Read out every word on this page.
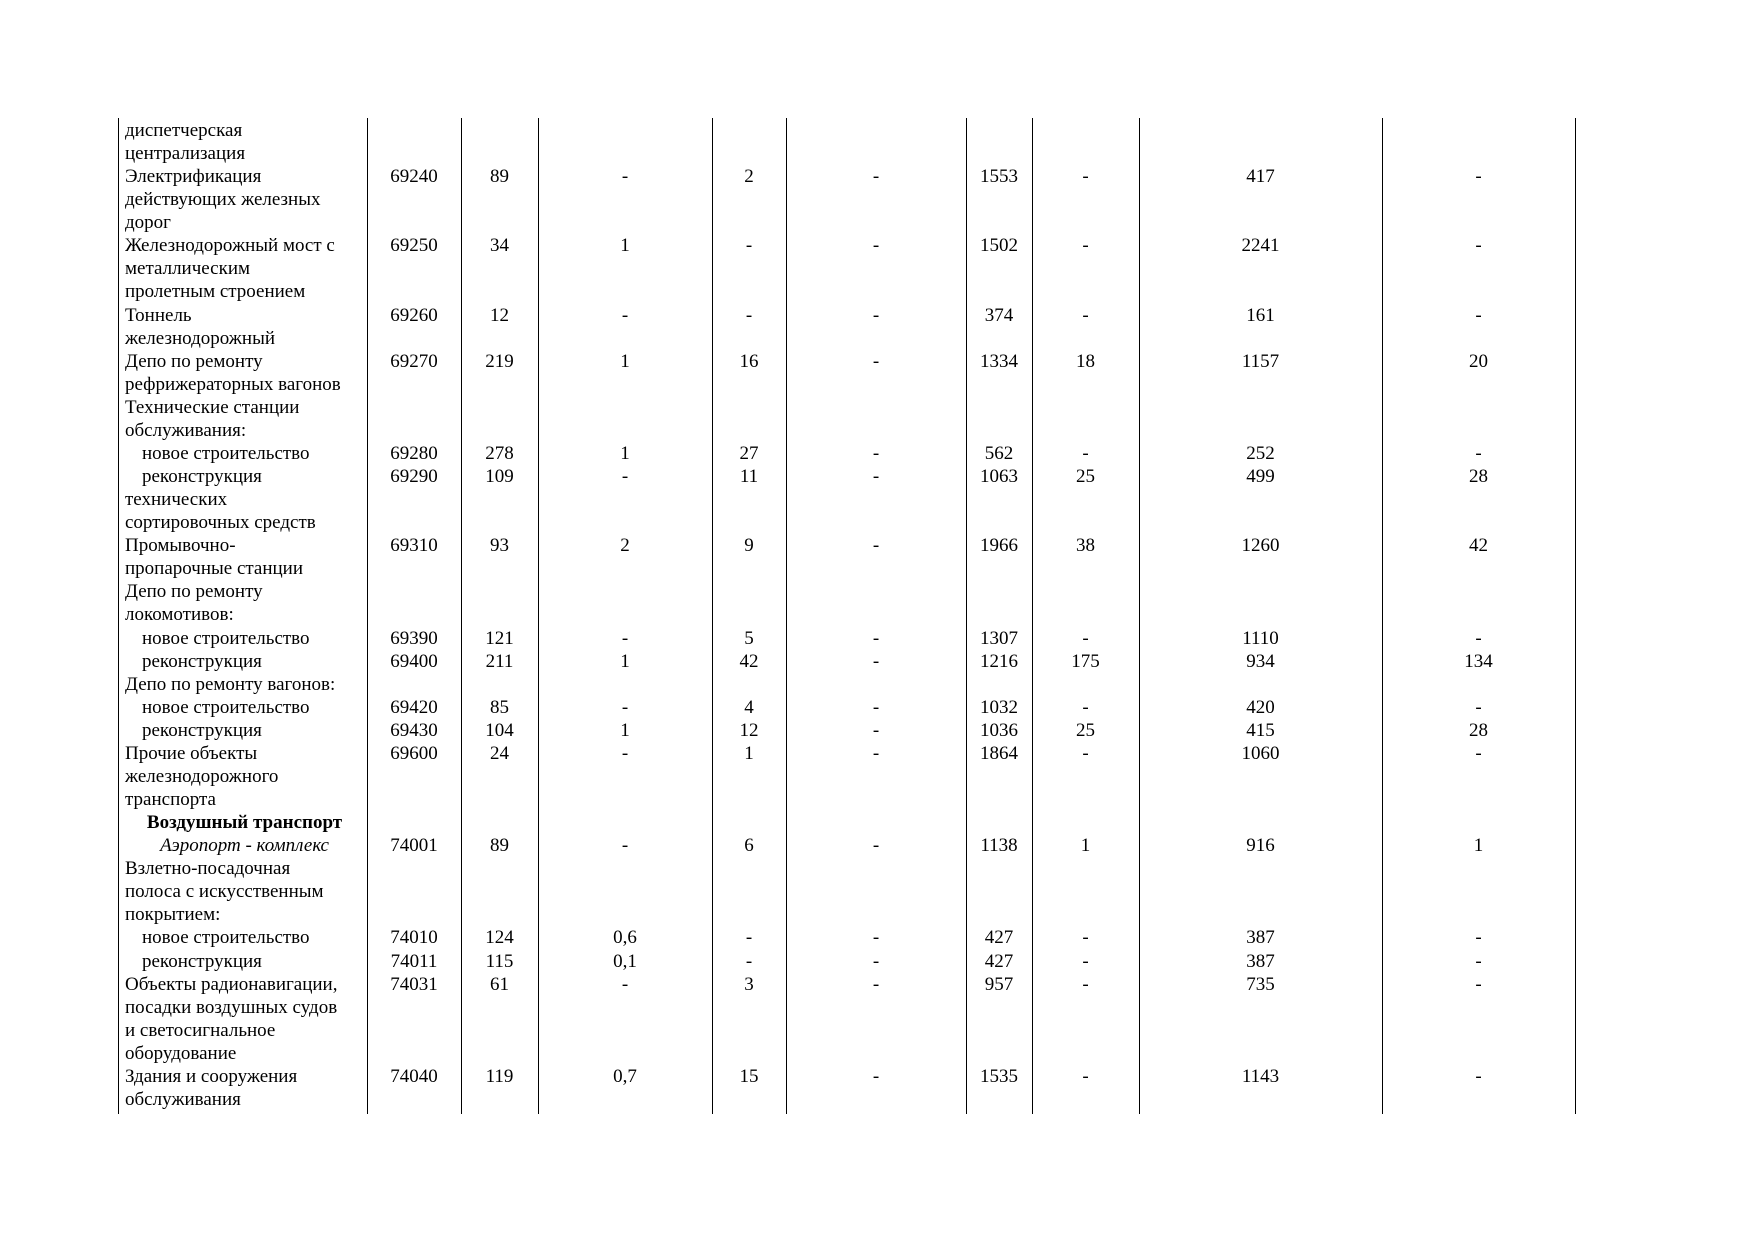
диспетчерская
централизация
Электрификация	69240	89	-	2	-	1553	-	417	-
действующих железных
дорог
Железнодорожный мост с	69250	34	1	-	-	1502	-	2241	-
металлическим
пролетным строением
Тоннель	69260	12	-	-	-	374	-	161	-
железнодорожный
Депо по ремонту	69270	219	1	16	-	1334	18	1157	20
рефрижераторных вагонов
Технические станции
обслуживания:
новое строительство	69280	278	1	27	-	562	-	252	-
реконструкция	69290	109	-	11	-	1063	25	499	28
технических
сортировочных средств
Промывочно-	69310	93	2	9	-	1966	38	1260	42
пропарочные станции
Депо по ремонту
локомотивов:
новое строительство	69390	121	-	5	-	1307	-	1110	-
реконструкция	69400	211	1	42	-	1216	175	934	134
Депо по ремонту вагонов:
новое строительство	69420	85	-	4	-	1032	-	420	-
реконструкция	69430	104	1	12	-	1036	25	415	28
Прочие объекты	69600	24	-	1	-	1864	-	1060	-
железнодорожного
транспорта
Воздушный транспорт
Аэропорт - комплекс	74001	89	-	6	-	1138	1	916	1
Взлетно-посадочная
полоса с искусственным
покрытием:
новое строительство	74010	124	0,6	-	-	427	-	387	-
реконструкция	74011	115	0,1	-	-	427	-	387	-
Объекты радионавигации,	74031	61	-	3	-	957	-	735	-
посадки воздушных судов
и светосигнальное
оборудование
Здания и сооружения	74040	119	0,7	15	-	1535	-	1143	-
обслуживания
